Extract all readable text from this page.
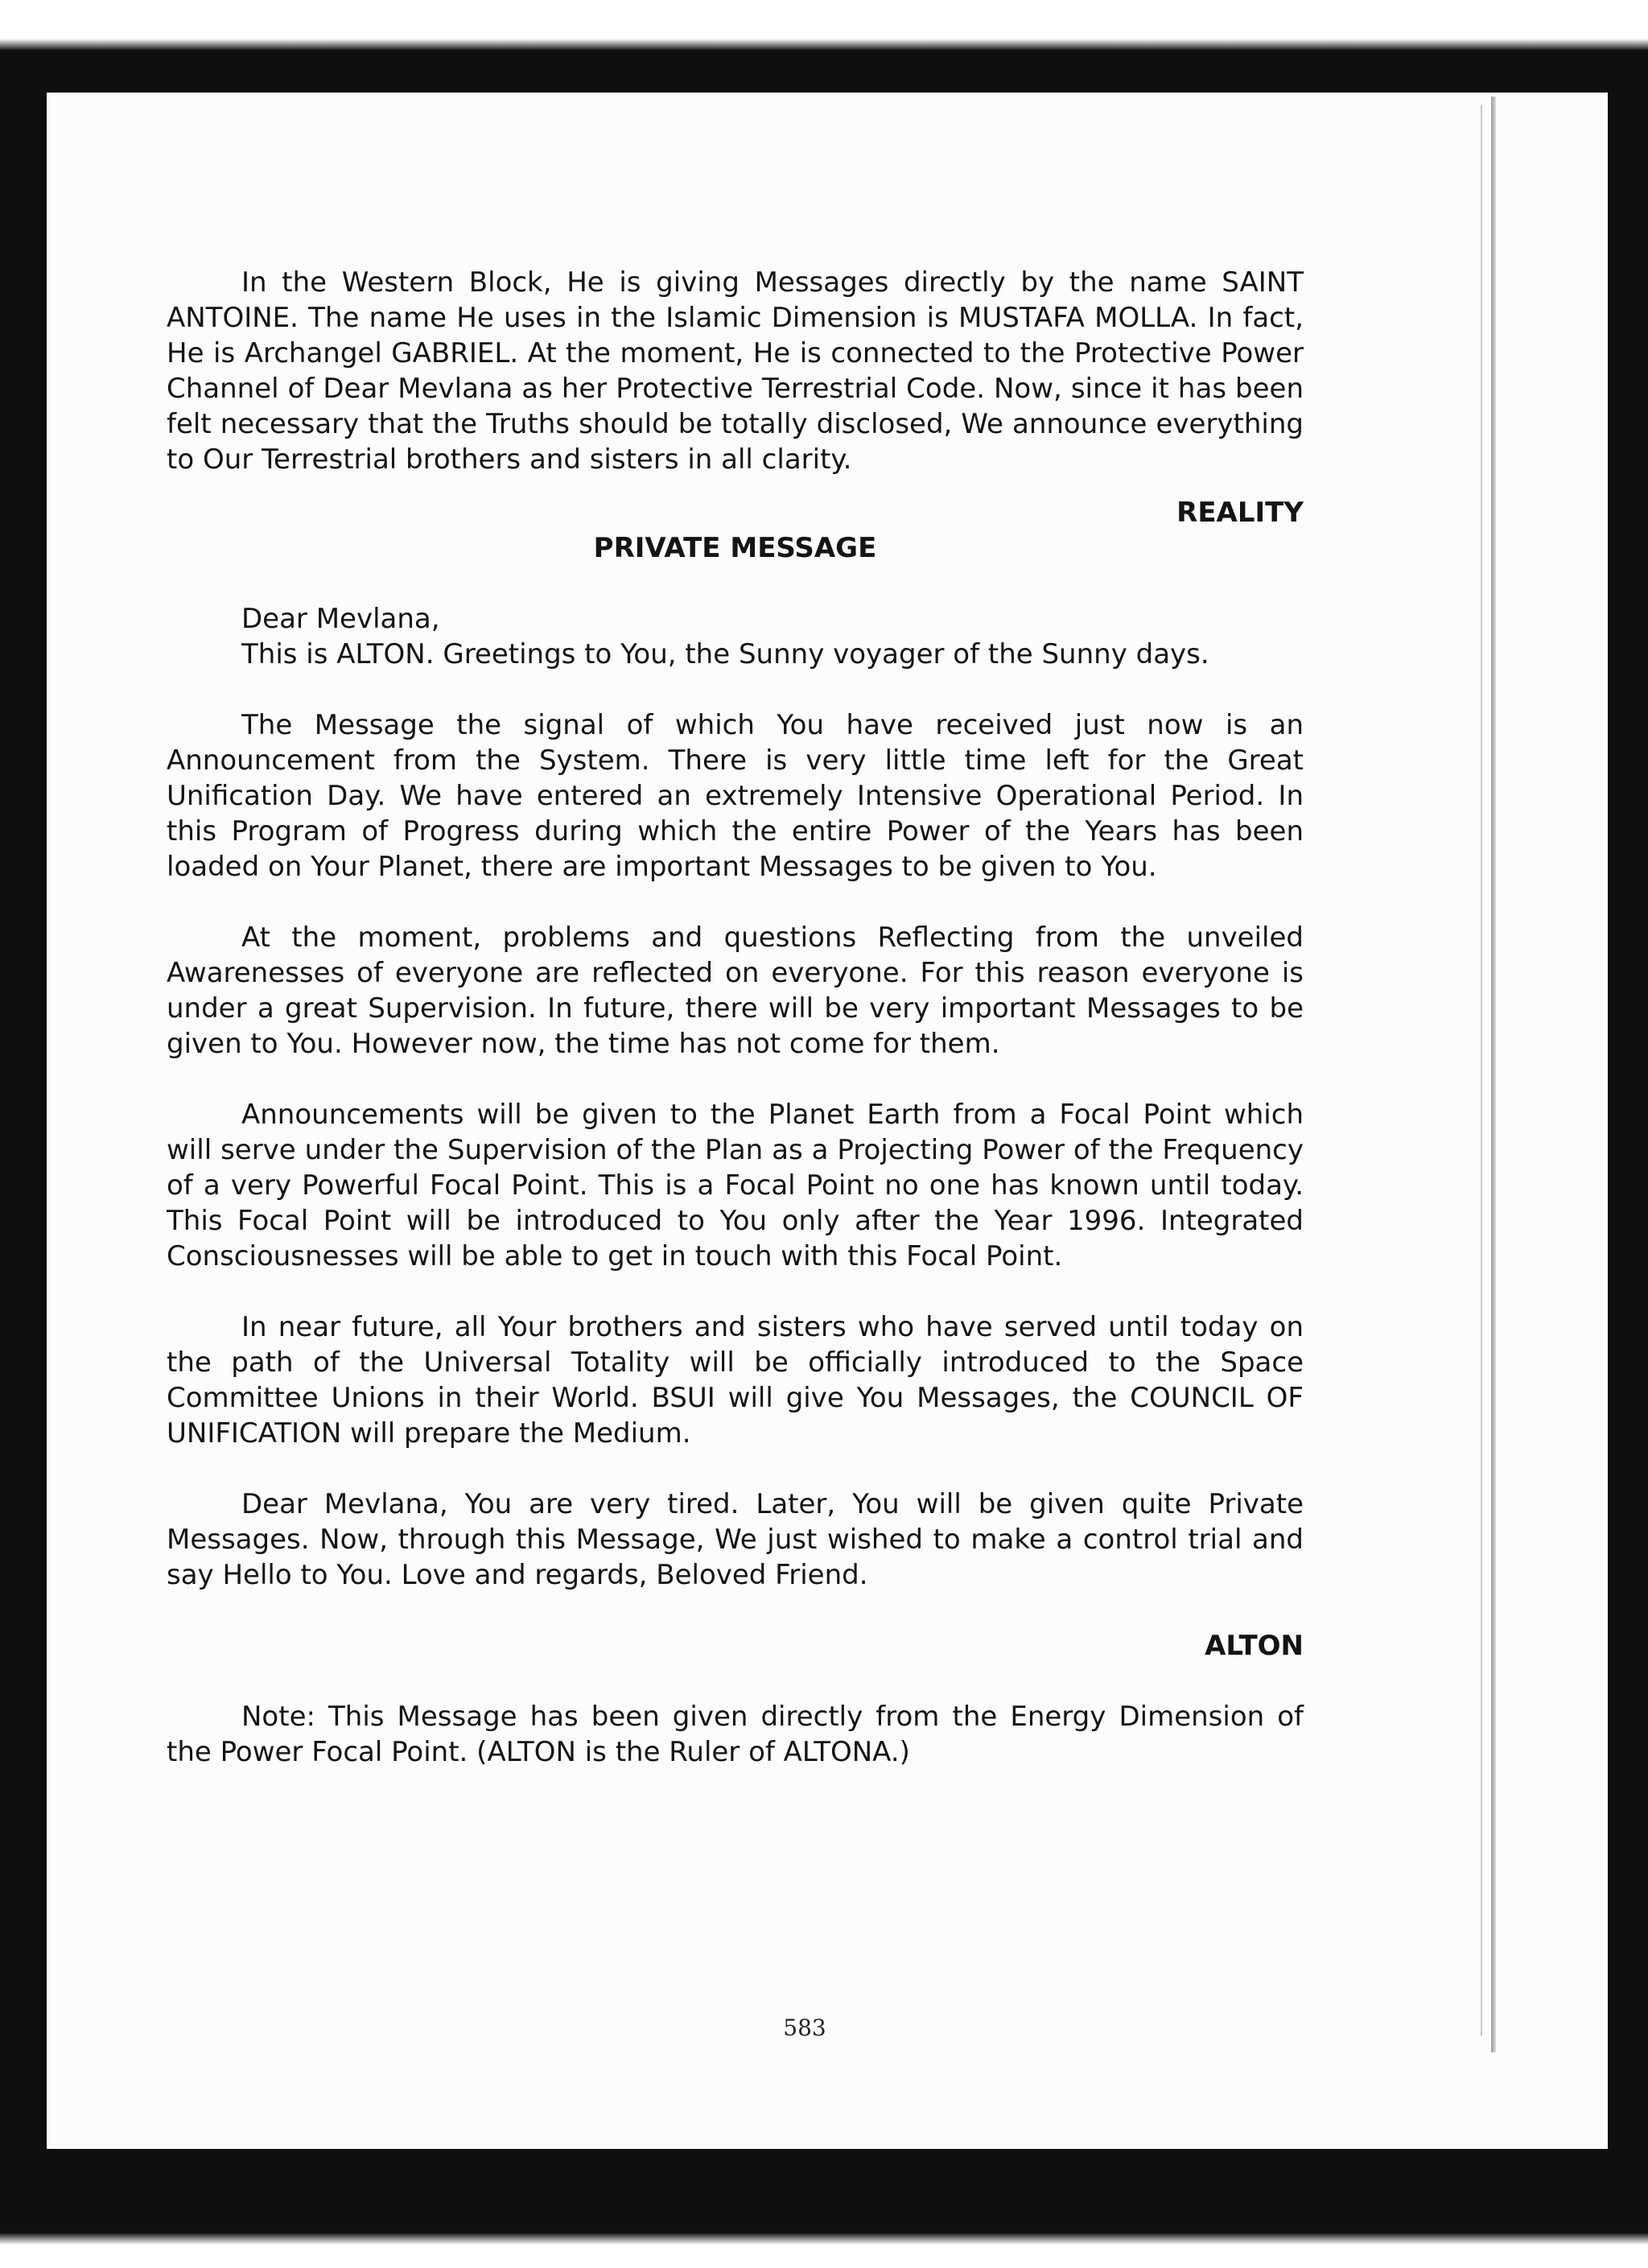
In the Western Block, He is giving Messages directly by the name SAINT ANTOINE. The name He uses in the Islamic Dimension is MUSTAFA MOLLA. In fact, He is Archangel GABRIEL. At the moment, He is connected to the Protective Power Channel of Dear Mevlana as her Protective Terrestrial Code. Now, since it has been felt necessary that the Truths should be totally disclosed, We announce everything to Our Terrestrial brothers and sisters in all clarity.

REALITY

PRIVATE MESSAGE

Dear Mevlana,

This is ALTON. Greetings to You, the Sunny voyager of the Sunny days.

The Message the signal of which You have received just now is an Announcement from the System. There is very little time left for the Great Unification Day. We have entered an extremely Intensive Operational Period. In this Program of Progress during which the entire Power of the Years has been loaded on Your Planet, there are important Messages to be given to You.

At the moment, problems and questions Reflecting from the unveiled Awarenesses of everyone are reflected on everyone. For this reason everyone is under a great Supervision. In future, there will be very important Messages to be given to You. However now, the time has not come for them.

Announcements will be given to the Planet Earth from a Focal Point which will serve under the Supervision of the Plan as a Projecting Power of the Frequency of a very Powerful Focal Point. This is a Focal Point no one has known until today. This Focal Point will be introduced to You only after the Year 1996. Integrated Consciousnesses will be able to get in touch with this Focal Point.

In near future, all Your brothers and sisters who have served until today on the path of the Universal Totality will be officially introduced to the Space Committee Unions in their World. BSUI will give You Messages, the COUNCIL OF UNIFICATION will prepare the Medium.

Dear Mevlana, You are very tired. Later, You will be given quite Private Messages. Now, through this Message, We just wished to make a control trial and say Hello to You. Love and regards, Beloved Friend.

ALTON

Note: This Message has been given directly from the Energy Dimension of the Power Focal Point. (ALTON is the Ruler of ALTONA.)

583
